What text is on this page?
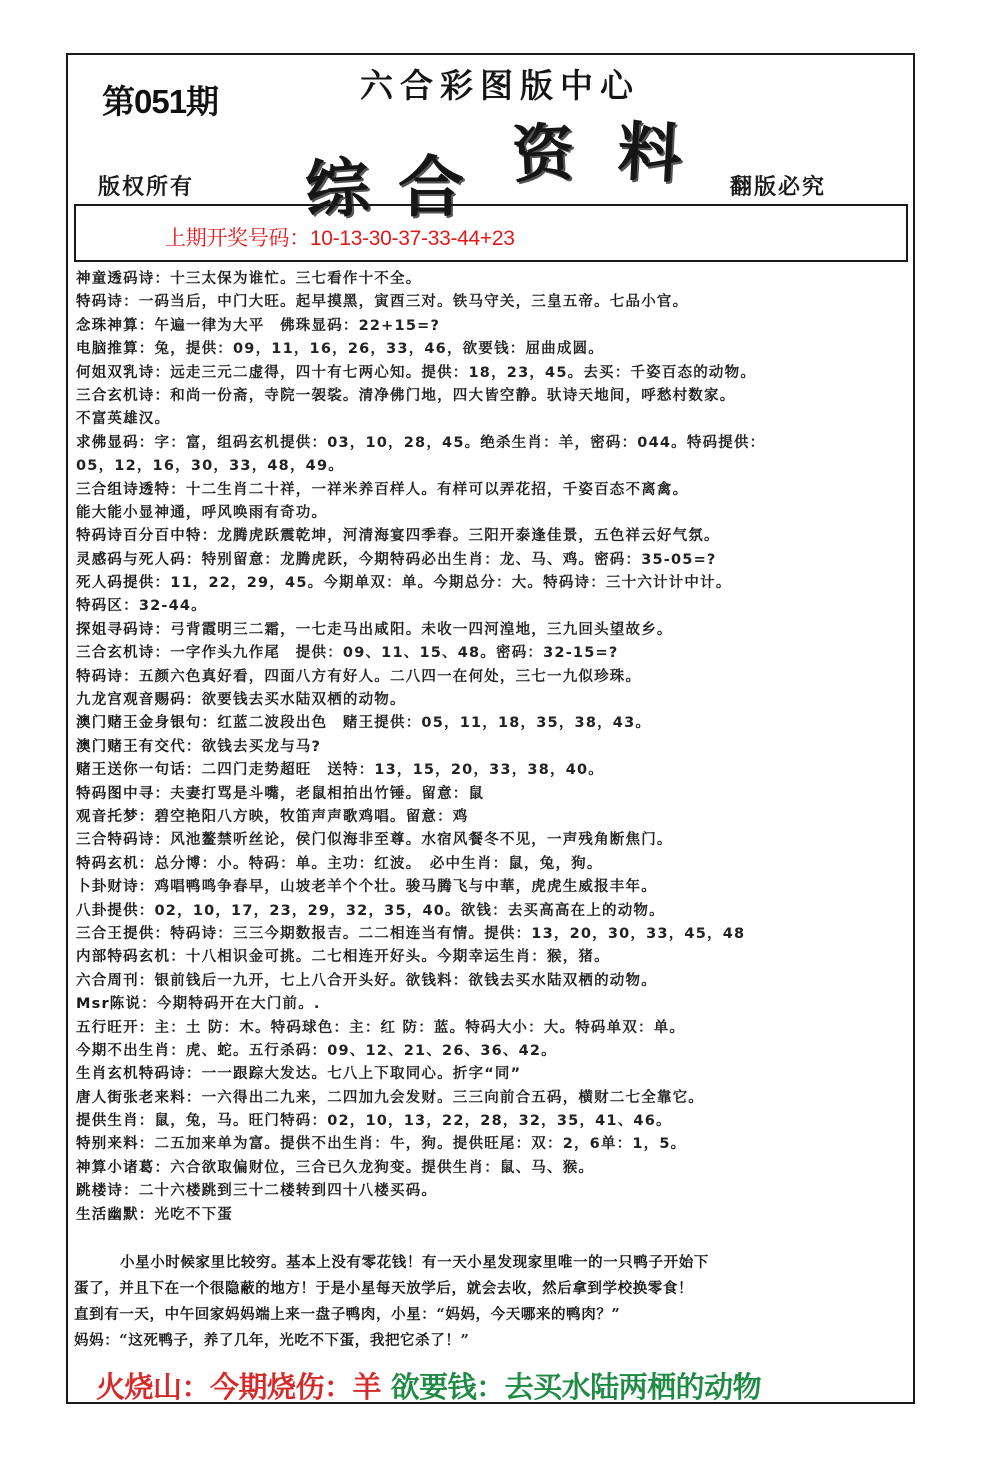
第051期	六合彩图版中心
综 合 资 料
版权所有	翻版必究
上期开奖号码：10-13-30-37-33-44+23
神童透码诗：十三太保为谁忙。三七看作十不全。
特码诗：一码当后，中门大旺。起早摸黑，寅酉三对。铁马守关，三皇五帝。七品小官。
念珠神算：午遍一律为大平　佛珠显码：22+15=?
电脑推算：兔，提供：09，11，16，26，33，46，欲要钱：屈曲成圆。
何姐双乳诗：远走三元二虚得，四十有七两心知。提供：18，23，45。去买：千姿百态的动物。
三合玄机诗：和尚一份斋，寺院一袈裟。清净佛门地，四大皆空静。驮诗天地间，呼愁村数家。
不富英雄汉。
求佛显码：字：富，组码玄机提供：03，10，28，45。绝杀生肖：羊，密码：044。特码提供：
05，12，16，30，33，48，49。
三合组诗透特：十二生肖二十祥，一祥米养百样人。有样可以弄花招，千姿百态不离禽。
能大能小显神通，呼风唤雨有奇功。
特码诗百分百中特：龙腾虎跃震乾坤，河清海宴四季春。三阳开泰逢佳景，五色祥云好气氛。
灵感码与死人码：特别留意：龙腾虎跃，今期特码必出生肖：龙、马、鸡。密码：35-05=?
死人码提供：11，22，29，45。今期单双：单。今期总分：大。特码诗：三十六计计中计。
特码区：32-44。
探姐寻码诗：弓背霞明三二霜，一七走马出咸阳。未收一四河湟地，三九回头望故乡。
三合玄机诗：一字作头九作尾　提供：09、11、15、48。密码：32-15=?
特码诗：五颜六色真好看，四面八方有好人。二八四一在何处，三七一九似珍珠。
九龙宫观音赐码：欲要钱去买水陆双栖的动物。
澳门赌王金身银句：红蓝二波段出色　赌王提供：05，11，18，35，38，43。
澳门赌王有交代：欲钱去买龙与马?
赌王送你一句话：二四门走势超旺　送特：13，15，20，33，38，40。
特码图中寻：夫妻打骂是斗嘴，老鼠相拍出竹锤。留意：鼠
观音托梦：碧空艳阳八方映，牧笛声声歌鸡唱。留意：鸡
三合特码诗：风池鳌禁听丝论，侯门似海非至尊。水宿风餐冬不见，一声残角断焦门。
特码玄机：总分博：小。特码：单。主功：红波。　必中生肖：鼠，兔，狗。
卜卦财诗：鸡唱鸭鸣争春早，山坡老羊个个壮。骏马腾飞与中華，虎虎生威报丰年。
八卦提供：02，10，17，23，29，32，35，40。欲钱：去买高高在上的动物。
三合王提供：特码诗：三三今期数报吉。二二相连当有情。提供：13，20，30，33，45，48
内部特码玄机：十八相识金可挑。二七相连开好头。今期幸运生肖：猴，猪。
六合周刊：银前钱后一九开，七上八合开头好。欲钱料：欲钱去买水陆双栖的动物。
Msr陈说：今期特码开在大门前。.
五行旺开：主：土 防：木。特码球色：主：红 防：蓝。特码大小：大。特码单双：单。
今期不出生肖：虎、蛇。五行杀码：09、12、21、26、36、42。
生肖玄机特码诗：一一跟踪大发达。七八上下取同心。折字“同”
唐人街张老来料：一六得出二九来，二四加九会发财。三三向前合五码，横财二七全靠它。
提供生肖：鼠，兔，马。旺门特码：02，10，13，22，28，32，35，41、46。
特别来料：二五加来单为富。提供不出生肖：牛，狗。提供旺尾：双：2，6单：1，5。
神算小诸葛：六合欲取偏财位，三合已久龙狗变。提供生肖：鼠、马、猴。
跳楼诗：二十六楼跳到三十二楼转到四十八楼买码。
生活幽默：光吃不下蛋
小星小时候家里比较穷。基本上没有零花钱！有一天小星发现家里唯一的一只鸭子开始下
蛋了，并且下在一个很隐蔽的地方！于是小星每天放学后，就会去收，然后拿到学校换零食！
直到有一天，中午回家妈妈端上来一盘子鸭肉，小星：“妈妈，今天哪来的鸭肉？”
妈妈：“这死鸭子，养了几年，光吃不下蛋，我把它杀了！”
火烧山：今期烧伤：羊 欲要钱：去买水陆两栖的动物
